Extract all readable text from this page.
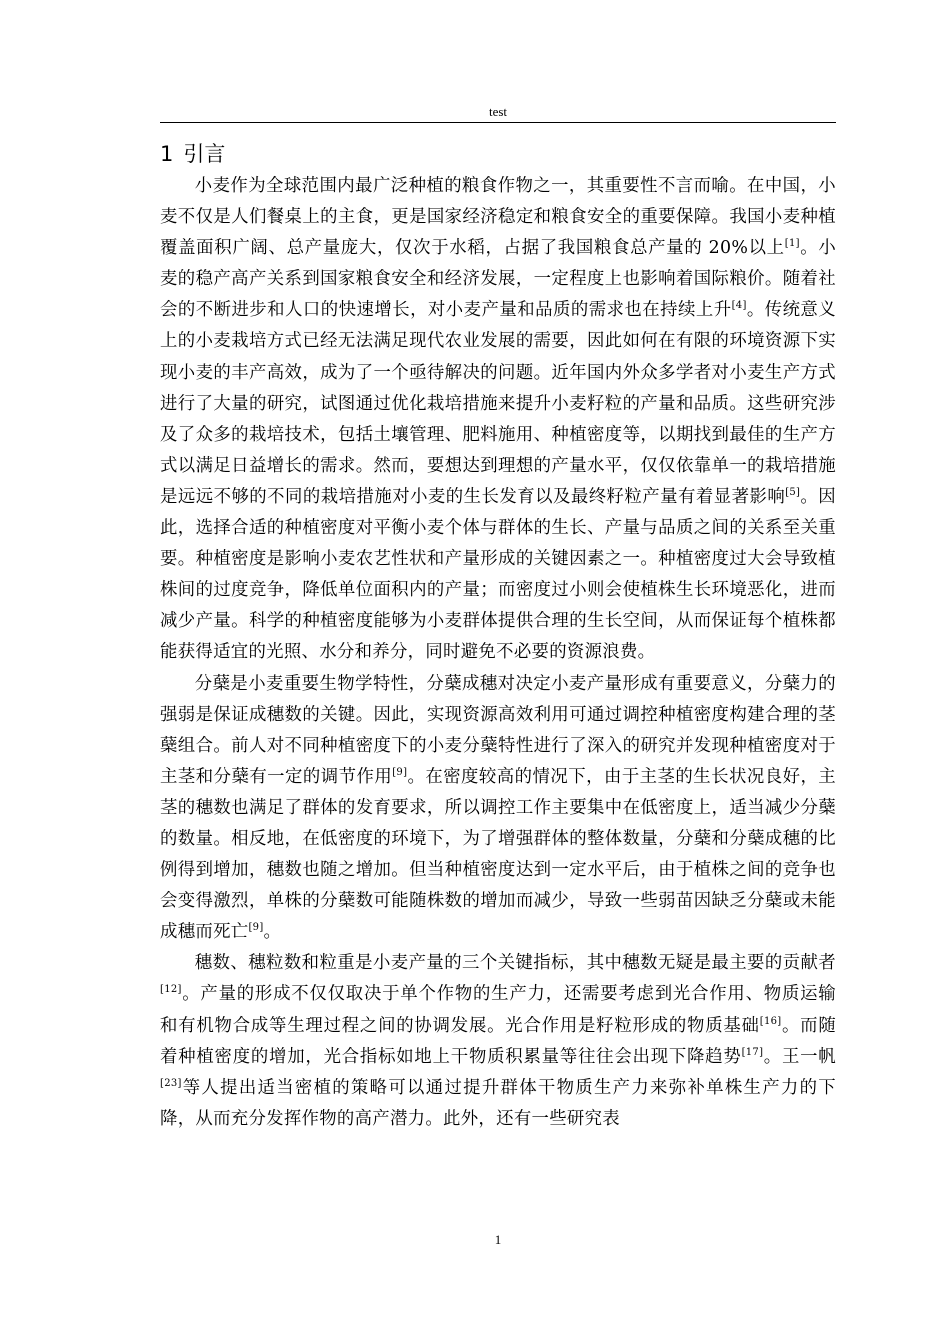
test
1 引言

小麦作为全球范围内最广泛种植的粮食作物之一，其重要性不言而喻。在中国，小麦不仅是人们餐桌上的主食，更是国家经济稳定和粮食安全的重要保障。我国小麦种植覆盖面积广阔、总产量庞大，仅次于水稻，占据了我国粮食总产量的 20%以上[1]。小麦的稳产高产关系到国家粮食安全和经济发展，一定程度上也影响着国际粮价。随着社会的不断进步和人口的快速增长，对小麦产量和品质的需求也在持续上升[4]。传统意义上的小麦栽培方式已经无法满足现代农业发展的需要，因此如何在有限的环境资源下实现小麦的丰产高效，成为了一个亟待解决的问题。近年国内外众多学者对小麦生产方式进行了大量的研究，试图通过优化栽培措施来提升小麦籽粒的产量和品质。这些研究涉及了众多的栽培技术，包括土壤管理、肥料施用、种植密度等，以期找到最佳的生产方式以满足日益增长的需求。然而，要想达到理想的产量水平，仅仅依靠单一的栽培措施是远远不够的不同的栽培措施对小麦的生长发育以及最终籽粒产量有着显著影响[5]。因此，选择合适的种植密度对平衡小麦个体与群体的生长、产量与品质之间的关系至关重要。种植密度是影响小麦农艺性状和产量形成的关键因素之一。种植密度过大会导致植株间的过度竞争，降低单位面积内的产量；而密度过小则会使植株生长环境恶化，进而减少产量。科学的种植密度能够为小麦群体提供合理的生长空间，从而保证每个植株都能获得适宜的光照、水分和养分，同时避免不必要的资源浪费。

分蘖是小麦重要生物学特性，分蘖成穗对决定小麦产量形成有重要意义，分蘖力的强弱是保证成穗数的关键。因此，实现资源高效利用可通过调控种植密度构建合理的茎蘖组合。前人对不同种植密度下的小麦分蘖特性进行了深入的研究并发现种植密度对于主茎和分蘖有一定的调节作用[9]。在密度较高的情况下，由于主茎的生长状况良好，主茎的穗数也满足了群体的发育要求，所以调控工作主要集中在低密度上，适当减少分蘖的数量。相反地，在低密度的环境下，为了增强群体的整体数量，分蘖和分蘖成穗的比例得到增加，穗数也随之增加。但当种植密度达到一定水平后，由于植株之间的竞争也会变得激烈，单株的分蘖数可能随株数的增加而减少，导致一些弱苗因缺乏分蘖或未能成穗而死亡[9]。

穗数、穗粒数和粒重是小麦产量的三个关键指标，其中穗数无疑是最主要的贡献者[12]。产量的形成不仅仅取决于单个作物的生产力，还需要考虑到光合作用、物质运输和有机物合成等生理过程之间的协调发展。光合作用是籽粒形成的物质基础[16]。而随着种植密度的增加，光合指标如地上干物质积累量等往往会出现下降趋势[17]。王一帆[23]等人提出适当密植的策略可以通过提升群体干物质生产力来弥补单株生产力的下降，从而充分发挥作物的高产潜力。此外，还有一些研究表

1
